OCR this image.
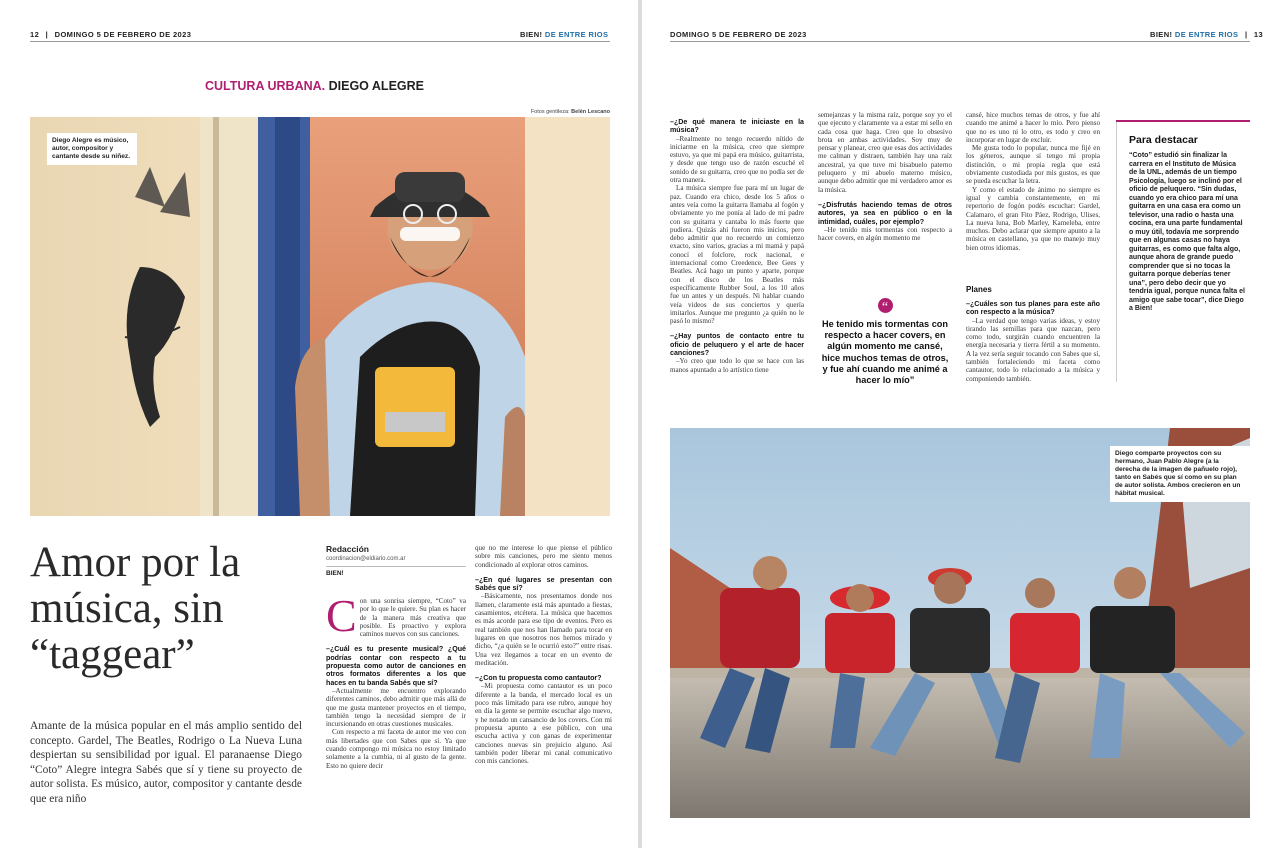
12 | DOMINGO 5 DE FEBRERO DE 2023	BIEN! DE ENTRE RIOS
CULTURA URBANA. DIEGO ALEGRE
Fotos gentileza: Belén Lescano
Diego Alegre es músico, autor, compositor y cantante desde su niñez.
Amor por la música, sin “taggear”
Amante de la música popular en el más amplio sentido del concepto. Gardel, The Beatles, Rodrigo o La Nueva Luna despiertan su sensibilidad por igual. El paranaense Diego “Coto” Alegre integra Sabés que sí y tiene su proyecto de autor solista. Es músico, autor, compositor y cantante desde que era niño
Redacción
coordinacion@eldiario.com.ar
BIEN!
C on una sonrisa siempre, “Coto” va por lo que le quiere. Su plan es hacer de la manera más creativa que posible. Es proactivo y explora caminos nuevos con sus canciones.

–¿Cuál es tu presente musical? ¿Qué podrías contar con respecto a tu propuesta como autor de canciones en otros formatos diferentes a los que haces en tu banda Sabés que sí?

–Actualmente me encuentro explorando diferentes caminos, debo admitir que más allá de que me gusta mantener proyectos en el tiempo, también tengo la necesidad siempre de ir incursionando en otras cuestiones musicales.

Con respecto a mi faceta de autor me veo con más libertades que con Sabes que sí. Ya que cuando compongo mi música no estoy limitado solamente a la cumbia, ni al gusto de la gente. Esto no quiere decir

que no me interese lo que piense el público sobre mis canciones, pero me siento menos condicionado al explorar otros caminos.

–¿En qué lugares se presentan con Sabés que sí?

–Básicamente, nos presentamos donde nos llamen, claramente está más apuntado a fiestas, casamientos, etcétera. La música que hacemos es más acorde para ese tipo de eventos. Pero es real también que nos han llamado para tocar en lugares en que nosotros nos hemos mirado y dicho, “¿a quién se le ocurrió esto?” entre risas. Una vez llegamos a tocar en un evento de meditación.

–¿Con tu propuesta como cantautor?

–Mi propuesta como cantautor es un poco diferente a la banda, el mercado local es un poco más limitado para ese rubro, aunque hoy en día la gente se permite escuchar algo nuevo, y he notado un cansancio de los covers. Con mi propuesta apunto a ese público, con una escucha activa y con ganas de experimentar canciones nuevas sin prejuicio alguno. Así también poder liberar mi canal comunicativo con mis canciones.

DOMINGO 5 DE FEBRERO DE 2023	BIEN! DE ENTRE RIOS | 13

–¿De qué manera te iniciaste en la música?

–Realmente no tengo recuerdo nítido de iniciarme en la música, creo que siempre estuvo, ya que mi papá era músico, guitarrista, y desde que tengo uso de razón escuché el sonido de su guitarra, creo que no podía ser de otra manera.

La música siempre fue para mí un lugar de paz. Cuando era chico, desde los 5 años o antes veía como la guitarra llamaba al fogón y obviamente yo me ponía al lado de mi padre con su guitarra y cantaba lo más fuerte que pudiera. Quizás ahí fueron mis inicios, pero debo admitir que no recuerdo un comienzo exacto, sino varios, gracias a mi mamá y papá conocí el folclore, rock nacional, e internacional como Creedence, Bee Gees y Beatles. Acá hago un punto y aparte, porque con el disco de los Beatles más específicamente Rubber Soul, a los 10 años fue un antes y un después. Ni hablar cuando veía videos de sus conciertos y quería imitarlos. Aunque me pregunto ¿a quién no le pasó lo mismo?

–¿Hay puntos de contacto entre tu oficio de peluquero y el arte de hacer canciones?

–Yo creo que todo lo que se hace con las manos apuntado a lo artístico tiene

semejanzas y la misma raíz, porque soy yo el que ejecuto y claramente va a estar mi sello en cada cosa que haga. Creo que lo obsesivo brota en ambas actividades. Soy muy de pensar y planear, creo que esas dos actividades me calman y distraen, también hay una raíz ancestral, ya que tuve mi bisabuelo paterno peluquero y mi abuelo materno músico, aunque debo admitir que mi verdadero amor es la música.

–¿Disfrutás haciendo temas de otros autores, ya sea en público o en la intimidad, cuáles, por ejemplo?

–He tenido mis tormentas con respecto a hacer covers, en algún momento me

“
He tenido mis tormentas con respecto a hacer covers, en algún momento me cansé, hice muchos temas de otros, y fue ahí cuando me animé a hacer lo mío”

cansé, hice muchos temas de otros, y fue ahí cuando me animé a hacer lo mío. Pero pienso que no es uno ni lo otro, es todo y creo en incorporar en lugar de excluir.

Me gusta todo lo popular, nunca me fijé en los géneros, aunque sí tengo mi propia distinción, o mi propia regla que está obviamente custodiada por mis gustos, es que se pueda escuchar la letra.

Y como el estado de ánimo no siempre es igual y cambia constantemente, en mi repertorio de fogón podés escuchar: Gardel, Calamaro, el gran Fito Páez, Rodrigo, Ulises, La nueva luna, Bob Marley, Kameleba, entre muchos. Debo aclarar que siempre apunto a la música en castellano, ya que no manejo muy bien otros idiomas.

Planes

–¿Cuáles son tus planes para este año con respecto a la música?

–La verdad que tengo varias ideas, y estoy tirando las semillas para que nazcan, pero como todo, surgirán cuando encuentren la energía necesaria y tierra fértil a su momento. A la vez sería seguir tocando con Sabes que sí, también fortaleciendo mi faceta como cantautor, todo lo relacionado a la música y componiendo también.

Para destacar
“Coto” estudió sin finalizar la carrera en el Instituto de Música de la UNL, además de un tiempo Psicología, luego se inclinó por el oficio de peluquero. “Sin dudas, cuando yo era chico para mí una guitarra en una casa era como un televisor, una radio o hasta una cocina, era una parte fundamental o muy útil, todavía me sorprendo que en algunas casas no haya guitarras, es como que falta algo, aunque ahora de grande puedo comprender que si no tocas la guitarra porque deberías tener una”, pero debo decir que yo tendría igual, porque nunca falta el amigo que sabe tocar”, dice Diego a Bien!
Diego comparte proyectos con su hermano, Juan Pablo Alegre (a la derecha de la imagen de pañuelo rojo), tanto en Sabés que sí como en su plan de autor solista. Ambos crecieron en un hábitat musical.
